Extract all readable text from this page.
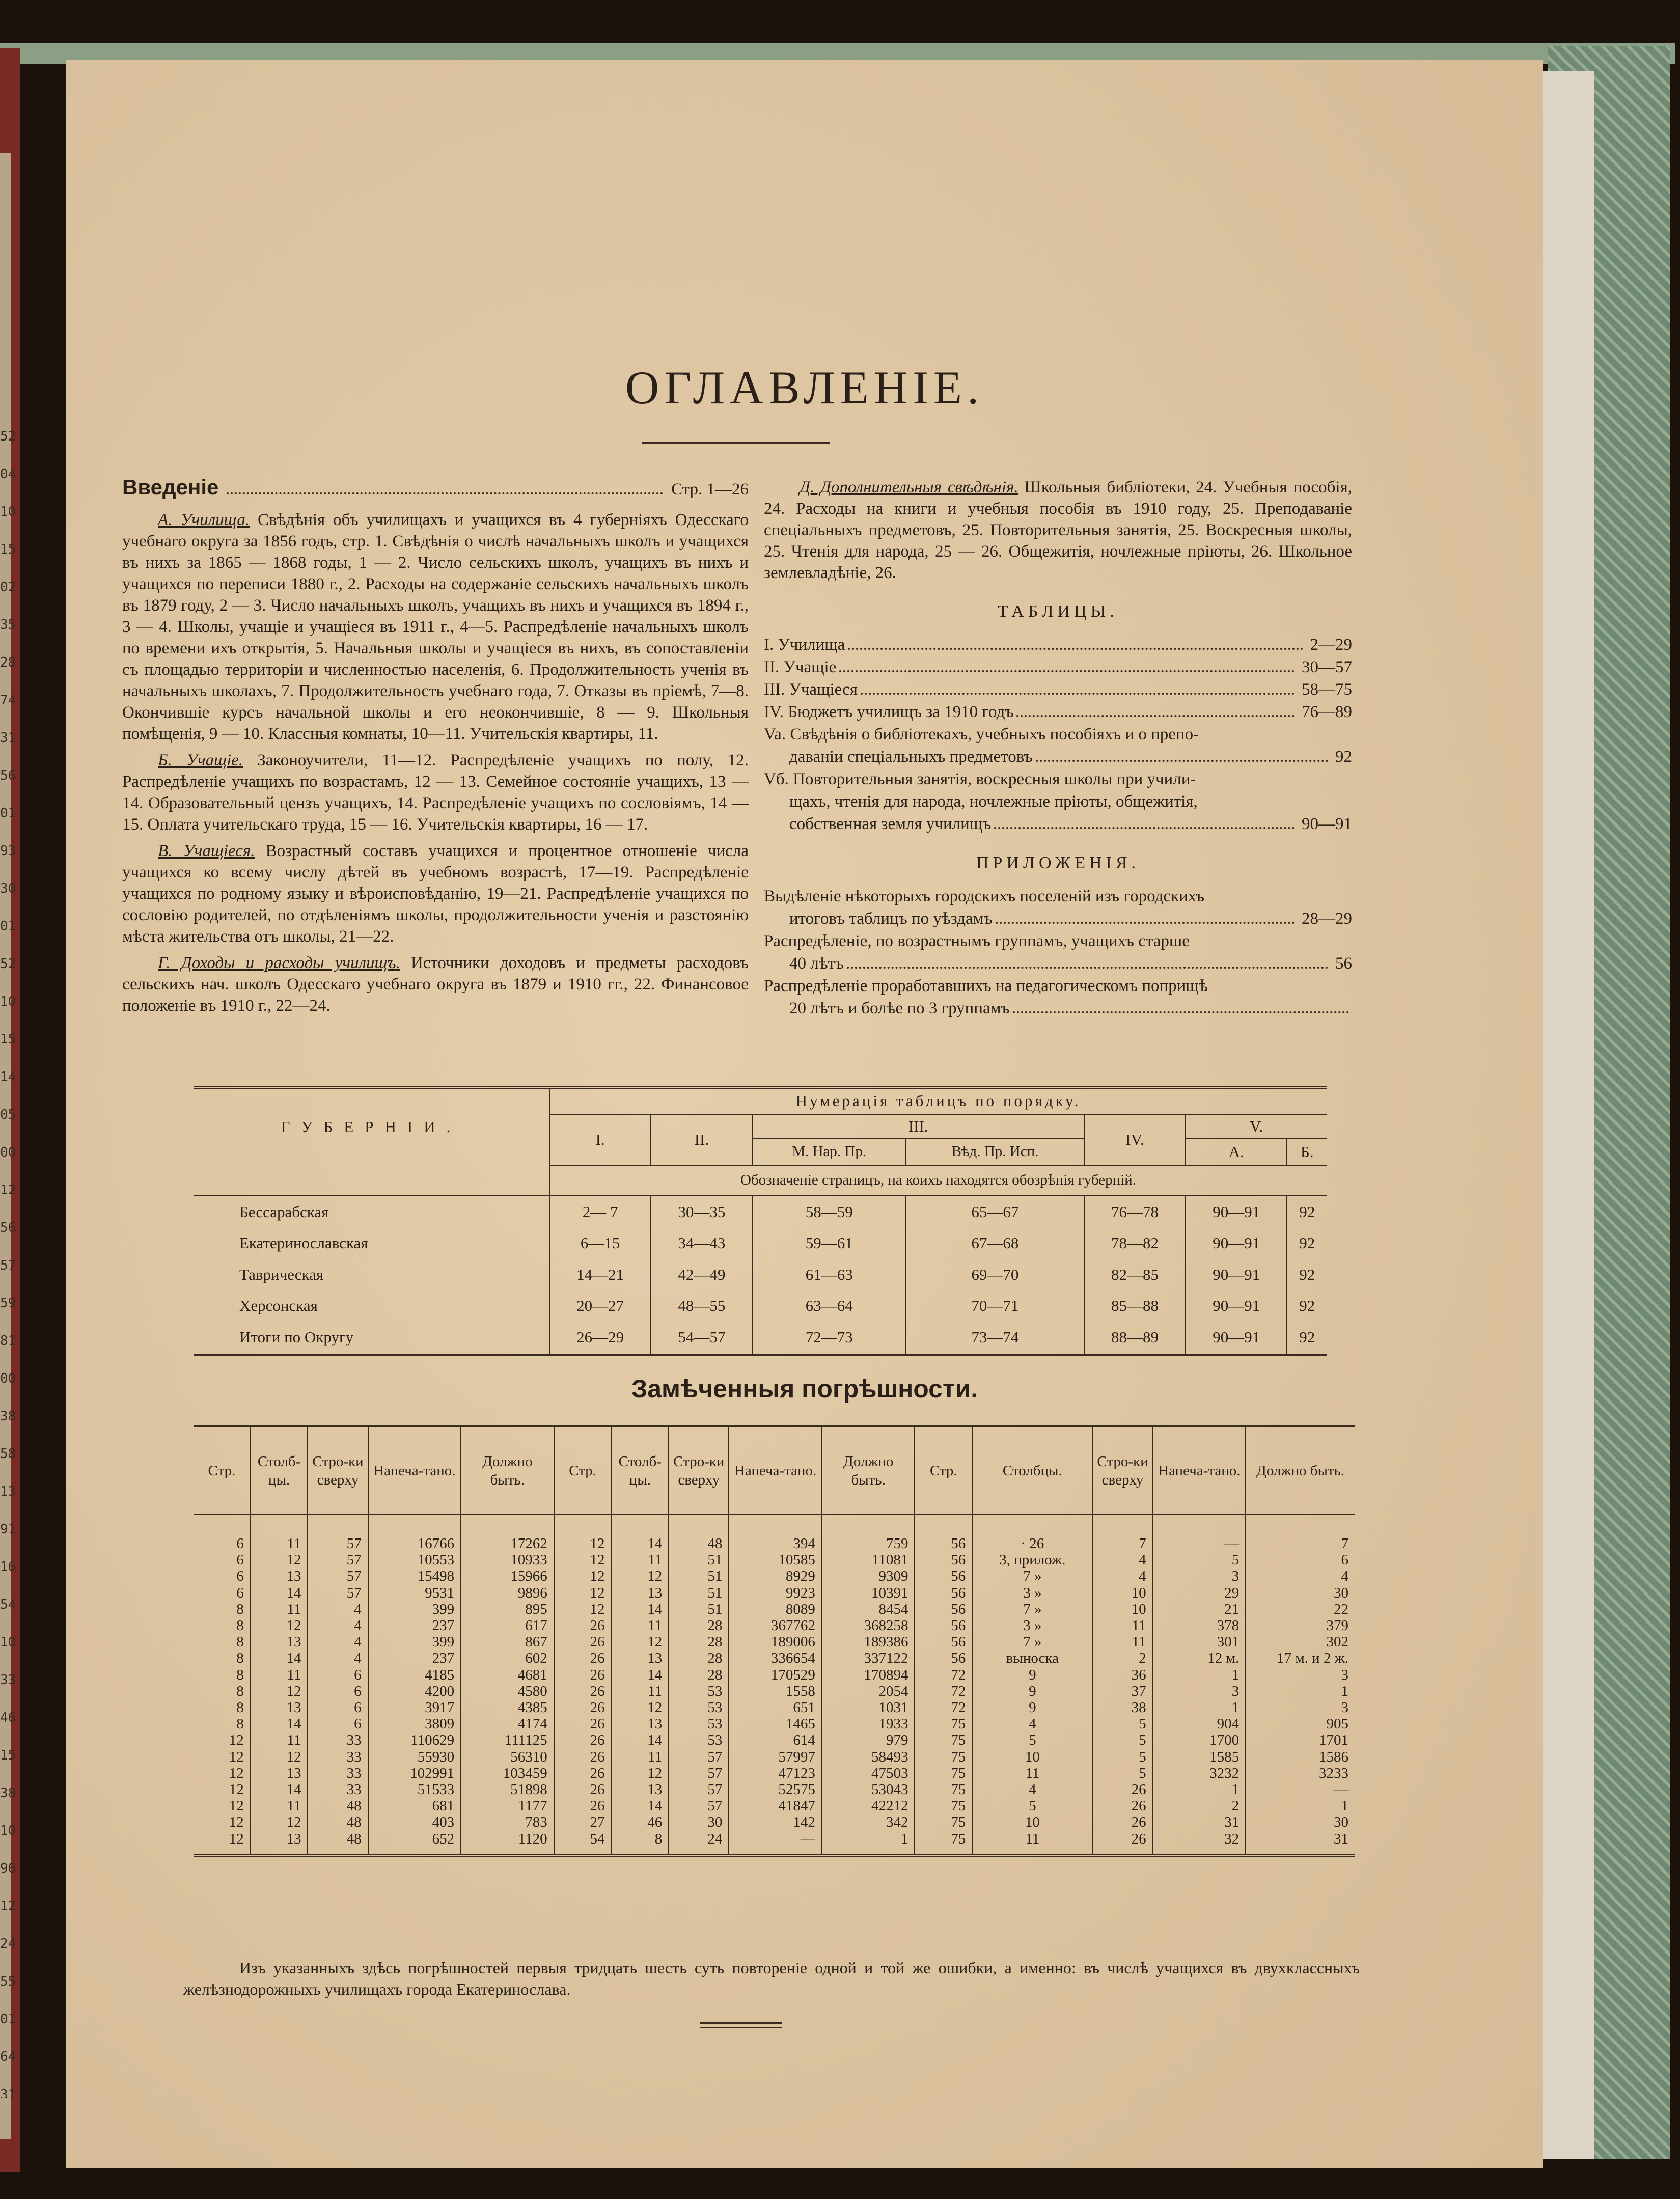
52
04
10
15
02
35
28
74
31
56
01
93
30
01
52
10
15
14
05
00
12
56
57
59
81
00
38
58
13
91
16
54
10
33
46
15
38
10
96
12
24
55
01
64
31
ОГЛАВЛЕНІЕ.
Введеніе	Стр. 1—26

А. Училища. Свѣдѣнія объ училищахъ и учащихся въ 4 губерніяхъ Одесскаго учебнаго округа за 1856 годъ, стр. 1. Свѣдѣнія о числѣ начальныхъ школъ и учащихся въ нихъ за 1865 — 1868 годы, 1 — 2. Число сельскихъ школъ, учащихъ въ нихъ и учащихся по переписи 1880 г., 2. Расходы на содержаніе сельскихъ начальныхъ школъ въ 1879 году, 2 — 3. Число начальныхъ школъ, учащихъ въ нихъ и учащихся въ 1894 г., 3 — 4. Школы, учащіе и учащіеся въ 1911 г., 4—5. Распредѣленіе начальныхъ школъ по времени ихъ открытія, 5. Начальныя школы и учащіеся въ нихъ, въ сопоставленіи съ площадью территоріи и численностью населенія, 6. Продолжительность ученія въ начальныхъ школахъ, 7. Продолжительность учебнаго года, 7. Отказы въ пріемѣ, 7—8. Окончившіе курсъ начальной школы и его неокончившіе, 8 — 9. Школьныя помѣщенія, 9 — 10. Классныя комнаты, 10—11. Учительскія квартиры, 11.

Б. Учащіе. Законоучители, 11—12. Распредѣленіе учащихъ по полу, 12. Распредѣленіе учащихъ по возрастамъ, 12 — 13. Семейное состояніе учащихъ, 13 — 14. Образовательный цензъ учащихъ, 14. Распредѣленіе учащихъ по сословіямъ, 14 — 15. Оплата учительскаго труда, 15 — 16. Учительскія квартиры, 16 — 17.

В. Учащіеся. Возрастный составъ учащихся и процентное отношеніе числа учащихся ко всему числу дѣтей въ учебномъ возрастѣ, 17—19. Распредѣленіе учащихся по родному языку и вѣроисповѣданію, 19—21. Распредѣленіе учащихся по сословію родителей, по отдѣленіямъ школы, продолжительности ученія и разстоянію мѣста жительства отъ школы, 21—22.

Г. Доходы и расходы училищъ. Источники доходовъ и предметы расходовъ сельскихъ нач. школъ Одесскаго учебнаго округа въ 1879 и 1910 гг., 22. Финансовое положеніе въ 1910 г., 22—24.

Д. Дополнительныя свѣдѣнія. Школьныя библіотеки, 24. Учебныя пособія, 24. Расходы на книги и учебныя пособія въ 1910 году, 25. Преподаваніе спеціальныхъ предметовъ, 25. Повторительныя занятія, 25. Воскресныя школы, 25. Чтенія для народа, 25 — 26. Общежитія, ночлежные пріюты, 26. Школьное землевладѣніе, 26.

ТАБЛИЦЫ.
I. Училища	2—29
II. Учащіе	30—57
III. Учащіеся	58—75
IV. Бюджетъ училищъ за 1910 годъ	76—89
Va. Свѣдѣнія о библіотекахъ, учебныхъ пособіяхъ и о препо-
даваніи спеціальныхъ предметовъ	92
Vб. Повторительныя занятія, воскресныя школы при учили-
щахъ, чтенія для народа, ночлежные пріюты, общежитія,
собственная земля училищъ	90—91
ПРИЛОЖЕНІЯ.
Выдѣленіе нѣкоторыхъ городскихъ поселеній изъ городскихъ
итоговъ таблицъ по уѣздамъ	28—29
Распредѣленіе, по возрастнымъ группамъ, учащихъ старше
40 лѣтъ	56
Распредѣленіе проработавшихъ на педагогическомъ поприщѣ
20 лѣтъ и болѣе по 3 группамъ
ГУБЕРНІИ.	Нумерація таблицъ по порядку.						
	I.	II.	III.		IV.	V.	
			М. Нар. Пр.	Вѣд. Пр. Исп.		А.	Б.
	Обозначеніе страницъ, на коихъ находятся обозрѣнія губерній.						
Бессарабская	2— 7	30—35	58—59	65—67	76—78	90—91	92
Екатеринославская	6—15	34—43	59—61	67—68	78—82	90—91	92
Таврическая	14—21	42—49	61—63	69—70	82—85	90—91	92
Херсонская	20—27	48—55	63—64	70—71	85—88	90—91	92
Итоги по Округу	26—29	54—57	72—73	73—74	88—89	90—91	92
Замѣченныя погрѣшности.
Стр.	Столб-цы.	Стро-ки сверху	Напеча-тано.	Должно быть.	Стр.	Столб-цы.	Стро-ки сверху	Напеча-тано.	Должно быть.	Стр.	Столбцы.	Стро-ки сверху	Напеча-тано.	Должно быть.
6	11	57	16766	17262	12	14	48	394	759	56	· 26	7	—	7
6	12	57	10553	10933	12	11	51	10585	11081	56	3, прилож.	4	5	6
6	13	57	15498	15966	12	12	51	8929	9309	56	7 »	4	3	4
6	14	57	9531	9896	12	13	51	9923	10391	56	3 »	10	29	30
8	11	4	399	895	12	14	51	8089	8454	56	7 »	10	21	22
8	12	4	237	617	26	11	28	367762	368258	56	3 »	11	378	379
8	13	4	399	867	26	12	28	189006	189386	56	7 »	11	301	302
8	14	4	237	602	26	13	28	336654	337122	56	выноска	2	12 м.	17 м. и 2 ж.
8	11	6	4185	4681	26	14	28	170529	170894	72	9	36	1	3
8	12	6	4200	4580	26	11	53	1558	2054	72	9	37	3	1
8	13	6	3917	4385	26	12	53	651	1031	72	9	38	1	3
8	14	6	3809	4174	26	13	53	1465	1933	75	4	5	904	905
12	11	33	110629	111125	26	14	53	614	979	75	5	5	1700	1701
12	12	33	55930	56310	26	11	57	57997	58493	75	10	5	1585	1586
12	13	33	102991	103459	26	12	57	47123	47503	75	11	5	3232	3233
12	14	33	51533	51898	26	13	57	52575	53043	75	4	26	1	—
12	11	48	681	1177	26	14	57	41847	42212	75	5	26	2	1
12	12	48	403	783	27	46	30	142	342	75	10	26	31	30
12	13	48	652	1120	54	8	24	—	1	75	11	26	32	31
Изъ указанныхъ здѣсь погрѣшностей первыя тридцать шесть суть повтореніе одной и той же ошибки, а именно: въ числѣ учащихся въ двухклассныхъ желѣзнодорожныхъ училищахъ города Екатеринослава.
